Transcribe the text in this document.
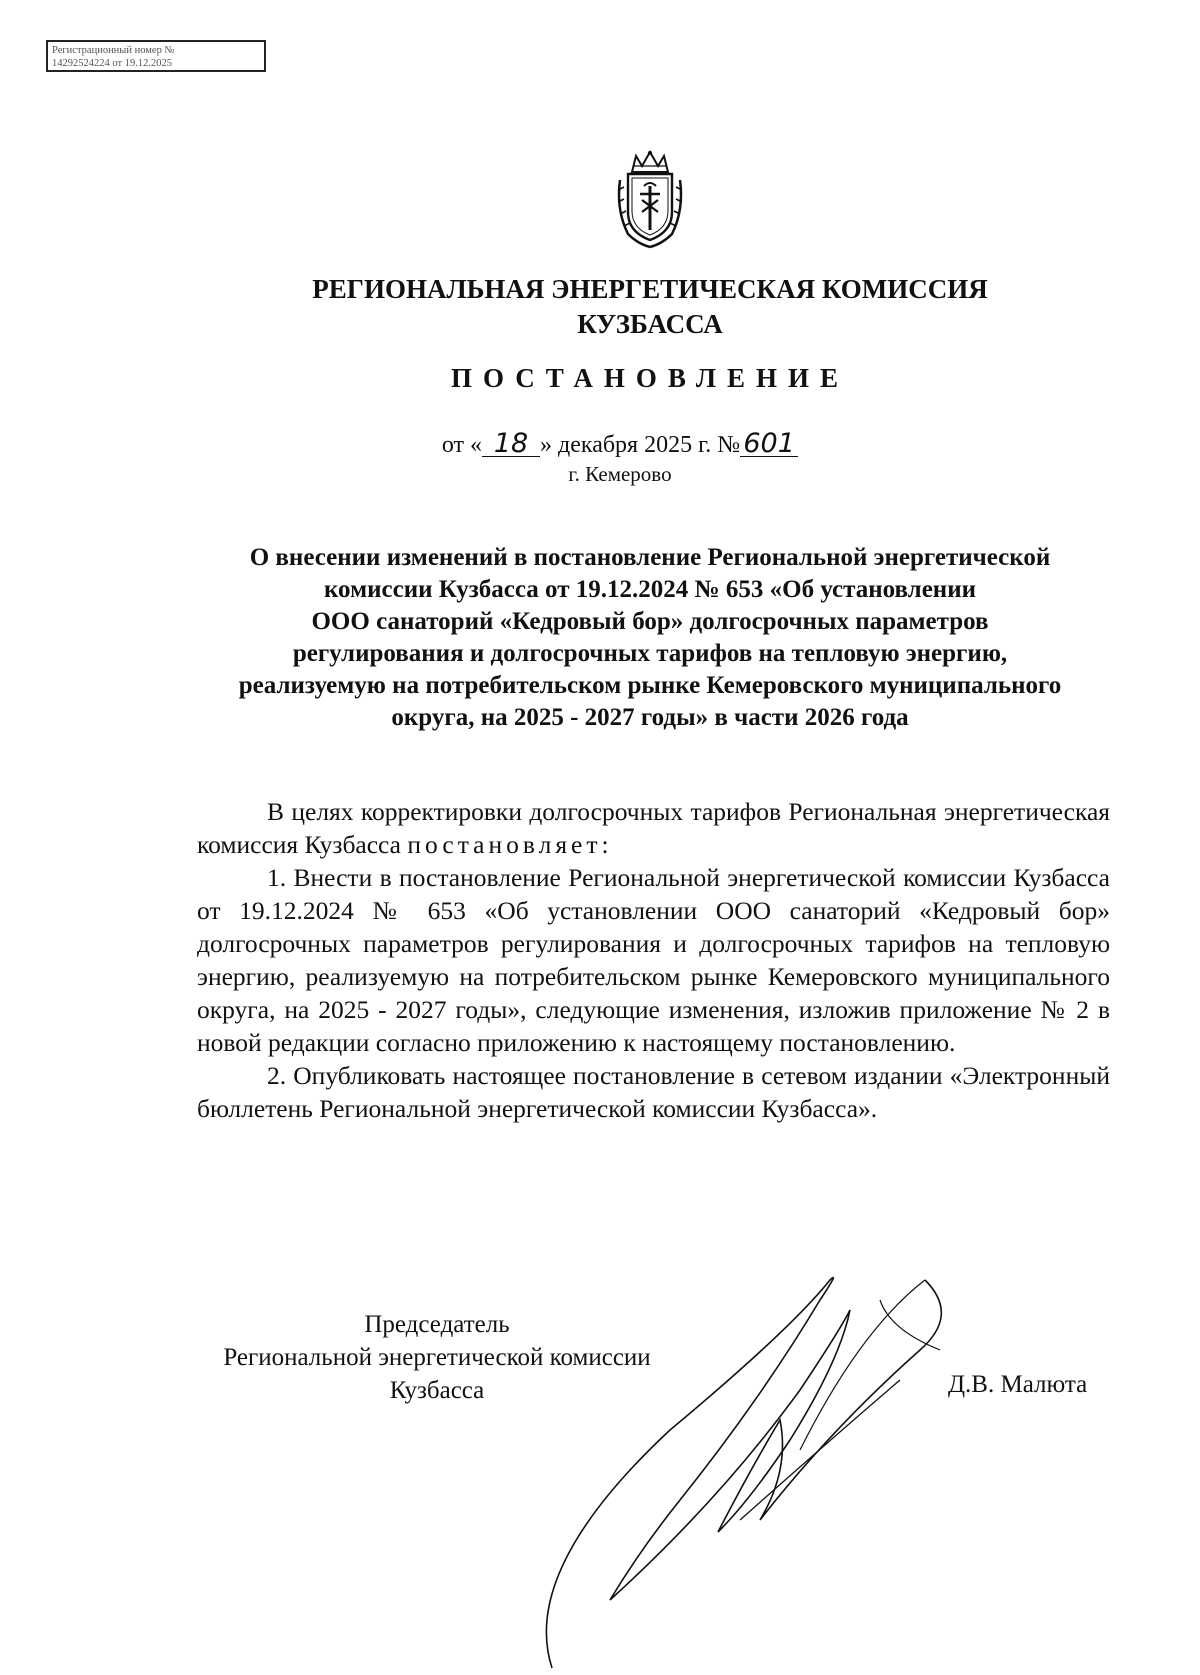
Регистрационный номер №
14292524224 от 19.12.2025
РЕГИОНАЛЬНАЯ ЭНЕРГЕТИЧЕСКАЯ КОМИССИЯ
КУЗБАССА
ПОСТАНОВЛЕНИЕ
от « 18 » декабря 2025 г. № 601
г. Кемерово
О внесении изменений в постановление Региональной энергетической
комиссии Кузбасса от 19.12.2024 № 653 «Об установлении
ООО санаторий «Кедровый бор» долгосрочных параметров
регулирования и долгосрочных тарифов на тепловую энергию,
реализуемую на потребительском рынке Кемеровского муниципального
округа, на 2025 - 2027 годы» в части 2026 года

В целях корректировки долгосрочных тарифов Региональная энергетическая комиссия Кузбасса постановляет:

1. Внести в постановление Региональной энергетической комиссии Кузбасса от 19.12.2024 № 653 «Об установлении ООО санаторий «Кедровый бор» долгосрочных параметров регулирования и долгосрочных тарифов на тепловую энергию, реализуемую на потребительском рынке Кемеровского муниципального округа, на 2025 - 2027 годы», следующие изменения, изложив приложение № 2 в новой редакции согласно приложению к настоящему постановлению.

2. Опубликовать настоящее постановление в сетевом издании «Электронный бюллетень Региональной энергетической комиссии Кузбасса».

Председатель
Региональной энергетической комиссии
Кузбасса	Д.В. Малюта
